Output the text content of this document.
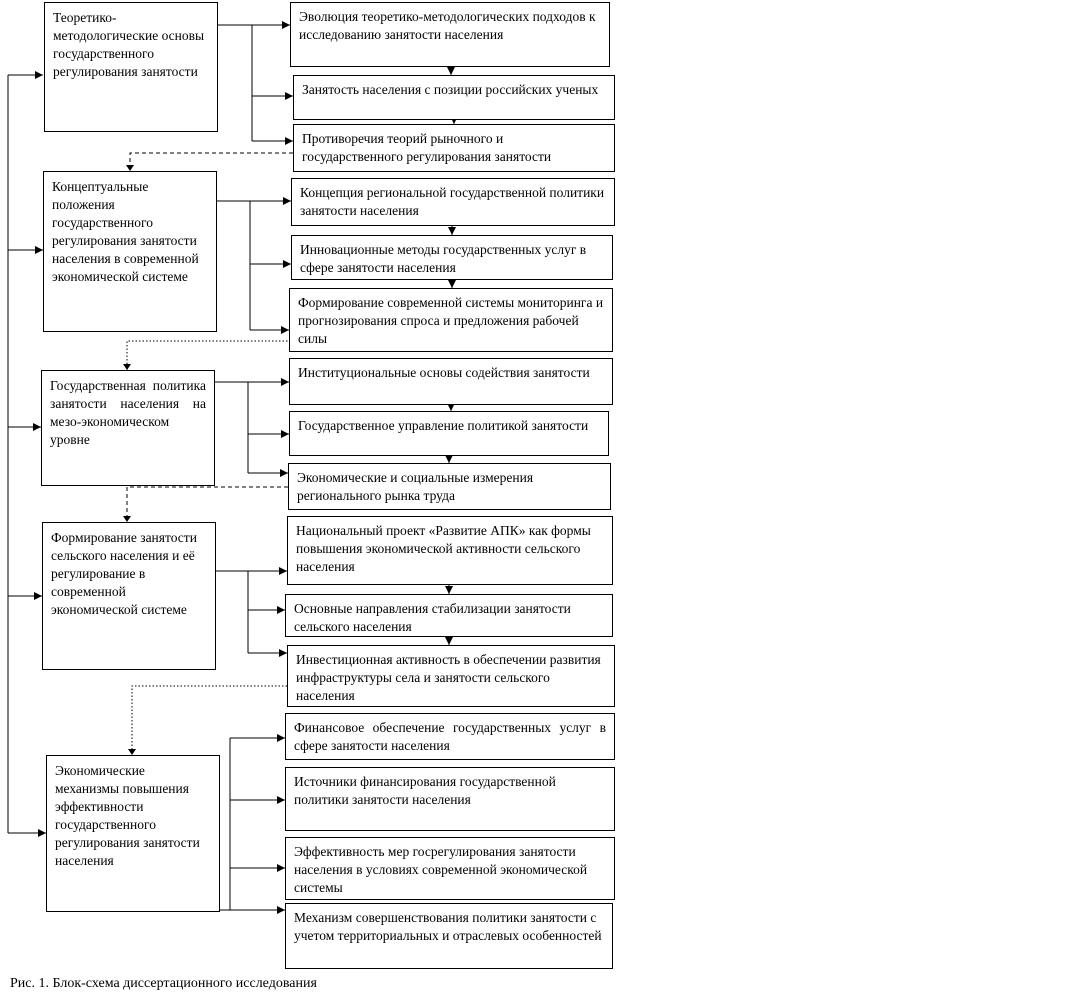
Теоретико-методологические основы государственного регулирования занятости
Концептуальные положения государственного регулирования занятости населения в современной экономической системе
Государственная политика занятости населения на мезо-экономическом уровне
Формирование занятости сельского населения и её регулирование в современной экономической системе
Экономические механизмы повышения эффективности государственного регулирования занятости населения
Эволюция теоретико-методологических подходов к исследованию занятости населения
Занятость населения с позиции российских ученых
Противоречия теорий рыночного и государственного регулирования занятости
Концепция региональной государственной политики занятости населения
Инновационные методы государственных услуг в сфере занятости населения
Формирование современной системы мониторинга и прогнозирования спроса и предложения рабочей силы
Институциональные основы содействия занятости
Государственное управление политикой занятости
Экономические и социальные измерения регионального рынка труда
Национальный проект «Развитие АПК» как формы повышения экономической активности сельского населения
Основные направления стабилизации занятости сельского населения
Инвестиционная активность в обеспечении развития инфраструктуры села и занятости сельского населения
Финансовое обеспечение государственных услуг в сфере занятости населения
Источники финансирования государственной политики занятости населения
Эффективность мер госрегулирования занятости населения в условиях современной экономической системы
Механизм совершенствования политики занятости с учетом территориальных и отраслевых особенностей
Рис. 1. Блок-схема диссертационного исследования
